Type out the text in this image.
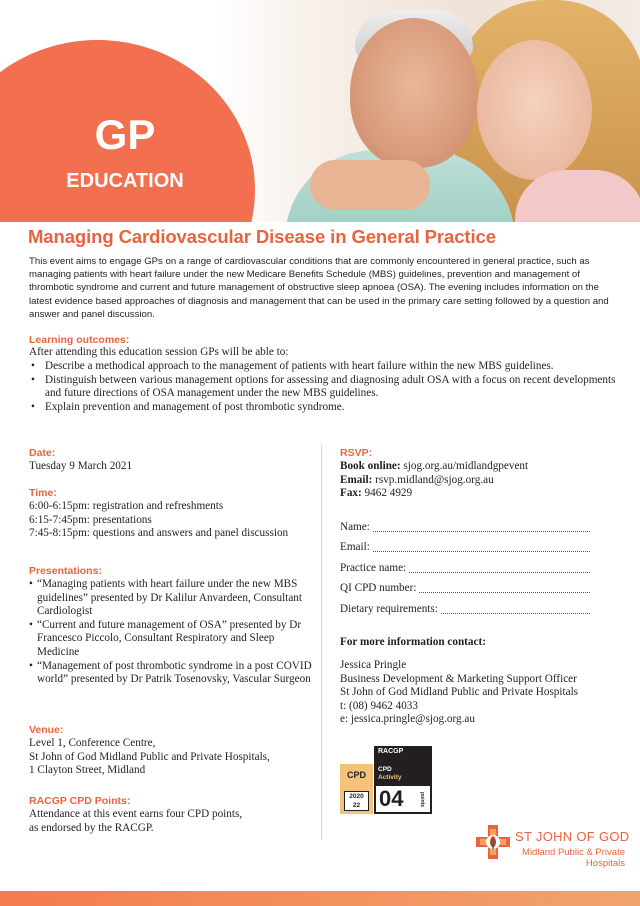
GP
EDUCATION
Managing Cardiovascular Disease in General Practice

This event aims to engage GPs on a range of cardiovascular conditions that are commonly encountered in general practice, such as managing patients with heart failure under the new Medicare Benefits Schedule (MBS) guidelines, prevention and management of thrombotic syndrome and current and future management of obstructive sleep apnoea (OSA). The evening includes information on the latest evidence based approaches of diagnosis and management that can be used in the primary care setting followed by a question and answer and panel discussion.

Learning outcomes:
After attending this education session GPs will be able to:
• Describe a methodical approach to the management of patients with heart failure within the new MBS guidelines.
• Distinguish between various management options for assessing and diagnosing adult OSA with a focus on recent developments and future directions of OSA management under the new MBS guidelines.
• Explain prevention and management of post thrombotic syndrome.
Date:
Tuesday 9 March 2021
Time:
6:00-6:15pm: registration and refreshments
6:15-7:45pm: presentations
7:45-8:15pm: questions and answers and panel discussion
Presentations:
• “Managing patients with heart failure under the new MBS guidelines” presented by Dr Kalilur Anvardeen, Consultant Cardiologist
• “Current and future management of OSA” presented by Dr Francesco Piccolo, Consultant Respiratory and Sleep Medicine
• “Management of post thrombotic syndrome in a post COVID world” presented by Dr Patrik Tosenovsky, Vascular Surgeon
Venue:
Level 1, Conference Centre,
St John of God Midland Public and Private Hospitals,
1 Clayton Street, Midland
RACGP CPD Points:
Attendance at this event earns four CPD points,
as endorsed by the RACGP.
RSVP:
Book online: sjog.org.au/midlandgpevent
Email: rsvp.midland@sjog.org.au
Fax: 9462 4929
Name:
Email:
Practice name:
QI CPD number:
Dietary requirements:
For more information contact:
Jessica Pringle
Business Development & Marketing Support Officer
St John of God Midland Public and Private Hospitals
t: (08) 9462 4033
e: jessica.pringle@sjog.org.au
CPD
2020
22
RACGP
CPD
Activity
04	points
ST JOHN OF GOD
Midland Public & Private Hospitals
